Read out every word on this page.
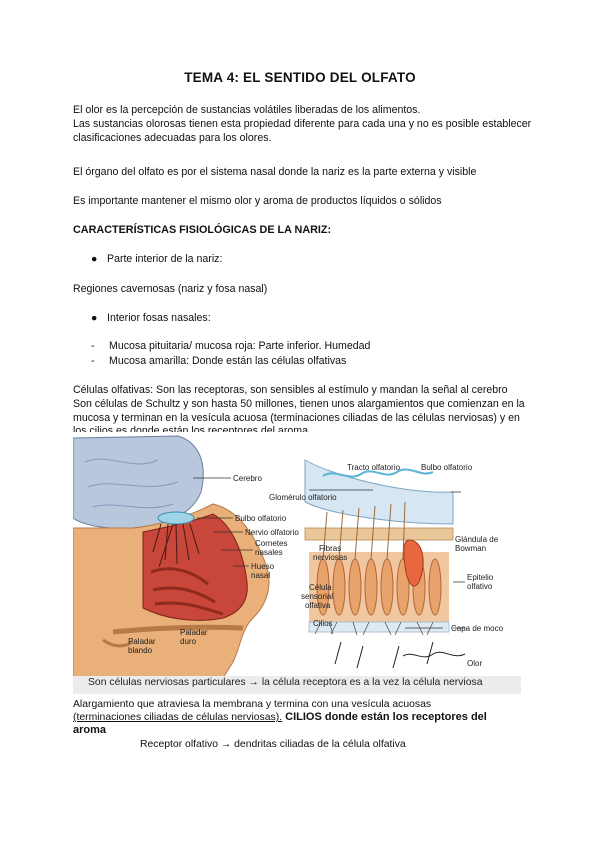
TEMA 4: EL SENTIDO DEL OLFATO

El olor es la percepción de sustancias volátiles liberadas de los alimentos.

Las sustancias olorosas tienen esta propiedad diferente para cada una y no es posible establecer clasificaciones adecuadas para los olores.

El órgano del olfato es por el sistema nasal donde la nariz es la parte externa y visible

Es importante mantener el mismo olor y aroma de productos líquidos o sólidos

CARACTERÍSTICAS FISIOLÓGICAS DE LA NARIZ:

● Parte interior de la nariz:

Regiones cavernosas (nariz y fosa nasal)

● Interior fosas nasales:
- Mucosa pituitaria/ mucosa roja: Parte inferior. Humedad
- Mucosa amarilla: Donde están las células olfativas

Células olfativas: Son las receptoras, son sensibles al estímulo y mandan la señal al cerebro

Son células de Schultz y son hasta 50 millones, tienen unos alargamientos que comienzan en la mucosa y terminan en la vesícula acuosa (terminaciones ciliadas de las células nerviosas) y en

Cerebro
Bulbo olfatorio
Nervio olfatorio
Cornetes
nasales
Hueso
nasal
Paladar
blando
Paladar
duro
Tracto olfatorio	Bulbo olfatorio
Glomérulo olfatorio
Fibras
nerviosas
Célula
sensorial
olfativa
Cilios
Glándula de
Bowman
Epitelio
olfativo
Capa de moco
Olor
Son células nerviosas particulares → la célula receptora es a la vez la célula nerviosa
Alargamiento que atraviesa la membrana y termina con una vesícula acuosas
(terminaciones ciliadas de células nerviosas). CILIOS donde están los receptores del
aroma
Receptor olfativo → dendritas ciliadas de la célula olfativa
